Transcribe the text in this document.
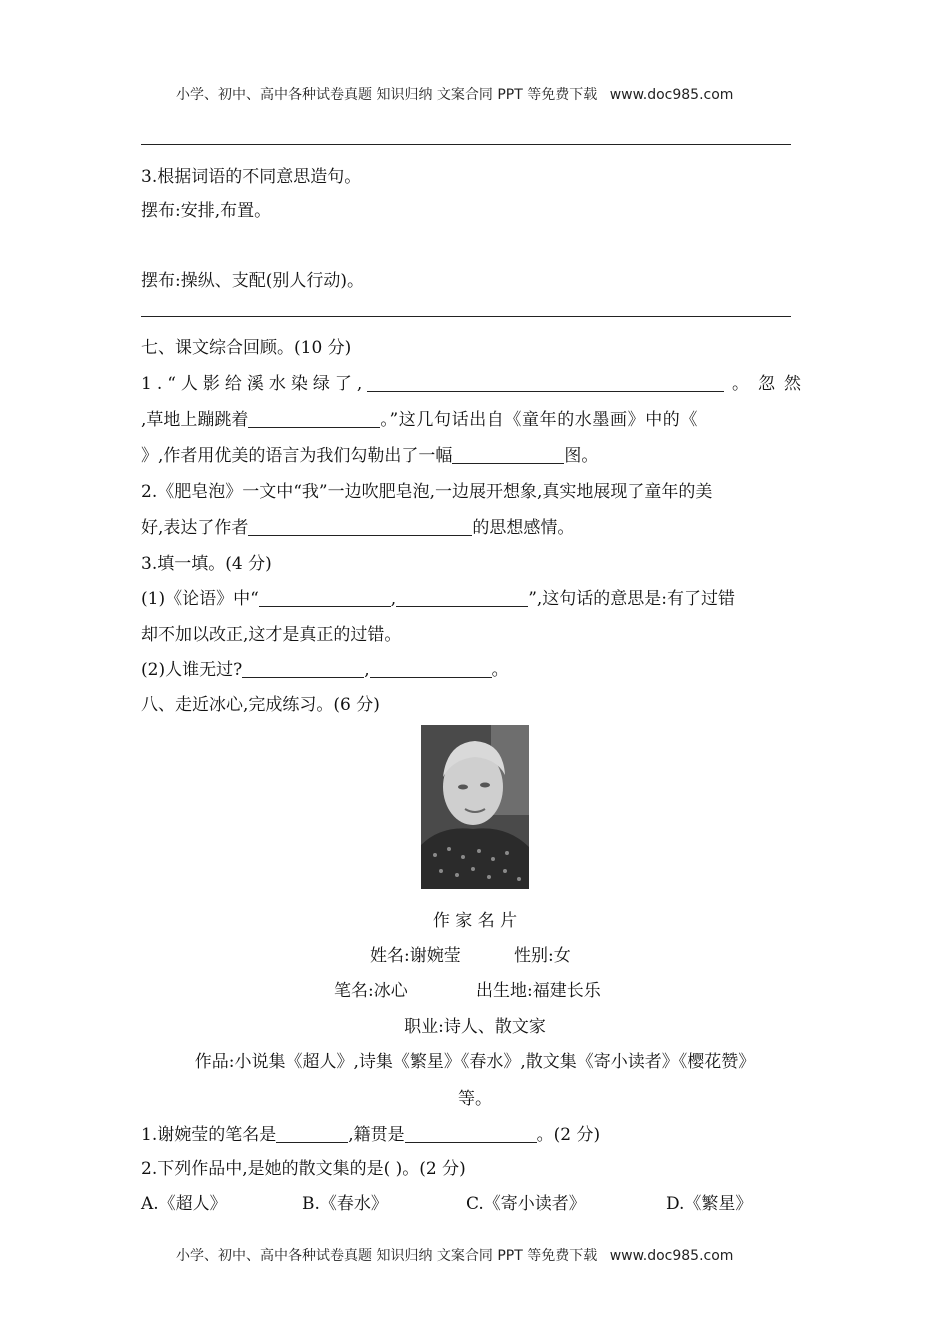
小学、初中、高中各种试卷真题 知识归纳 文案合同 PPT 等免费下载 www.doc985.com
3.根据词语的不同意思造句。
摆布:安排,布置。
摆布:操纵、支配(别人行动)。
七、课文综合回顾。(10 分)
1.“人影给溪水染绿了,	。忽然
,草地上蹦跳着	。”这几句话出自《童年的水墨画》中的《
》,作者用优美的语言为我们勾勒出了一幅	图。
2.《肥皂泡》一文中“我”一边吹肥皂泡,一边展开想象,真实地展现了童年的美
好,表达了作者	的思想感情。
3.填一填。(4 分)
(1)《论语》中“	,	”,这句话的意思是:有了过错
却不加以改正,这才是真正的过错。
(2)人谁无过?	,	。
八、走近冰心,完成练习。(6 分)
作 家 名 片
姓名:谢婉莹	性别:女
笔名:冰心	出生地:福建长乐
职业:诗人、散文家
作品:小说集《超人》,诗集《繁星》《春水》,散文集《寄小读者》《樱花赞》
等。
1.谢婉莹的笔名是	,籍贯是	。(2 分)
2.下列作品中,是她的散文集的是( )。(2 分)
A.《超人》	B.《春水》	C.《寄小读者》	D.《繁星》
小学、初中、高中各种试卷真题 知识归纳 文案合同 PPT 等免费下载 www.doc985.com
